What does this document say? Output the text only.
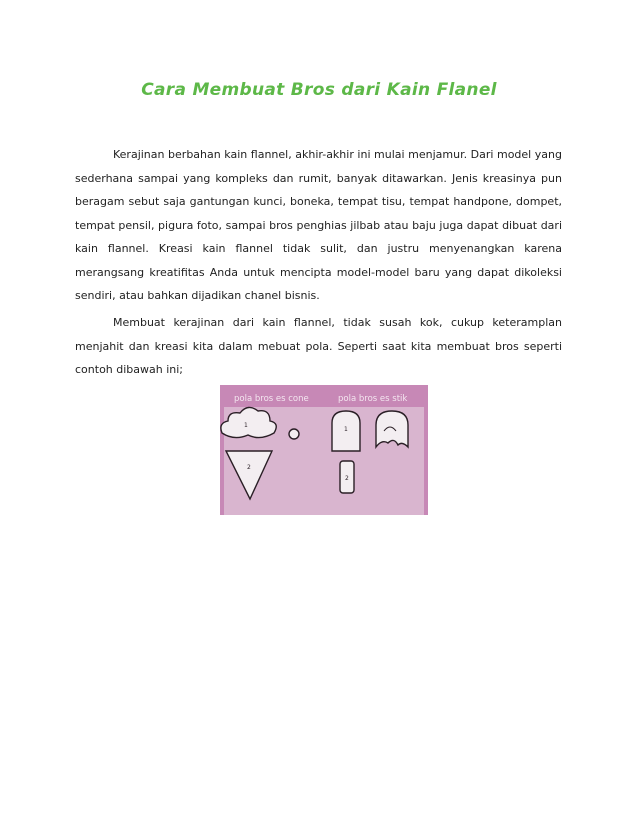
Cara Membuat Bros dari Kain Flanel

Kerajinan berbahan kain flannel, akhir-akhir ini mulai menjamur. Dari model yang sederhana sampai yang kompleks dan rumit, banyak ditawarkan. Jenis kreasinya pun beragam sebut saja gantungan kunci, boneka, tempat tisu, tempat handpone, dompet, tempat pensil, pigura foto, sampai bros penghias jilbab atau baju juga dapat dibuat dari kain flannel. Kreasi kain flannel tidak sulit, dan justru menyenangkan karena merangsang kreatifitas Anda untuk mencipta model-model baru yang dapat dikoleksi sendiri, atau bahkan dijadikan chanel bisnis.

Membuat kerajinan dari kain flannel, tidak susah kok, cukup keteramplan menjahit dan kreasi kita dalam mebuat pola. Seperti saat kita membuat bros seperti contoh dibawah ini;

pola bros es cone	pola bros es stik
1
2
1
2
